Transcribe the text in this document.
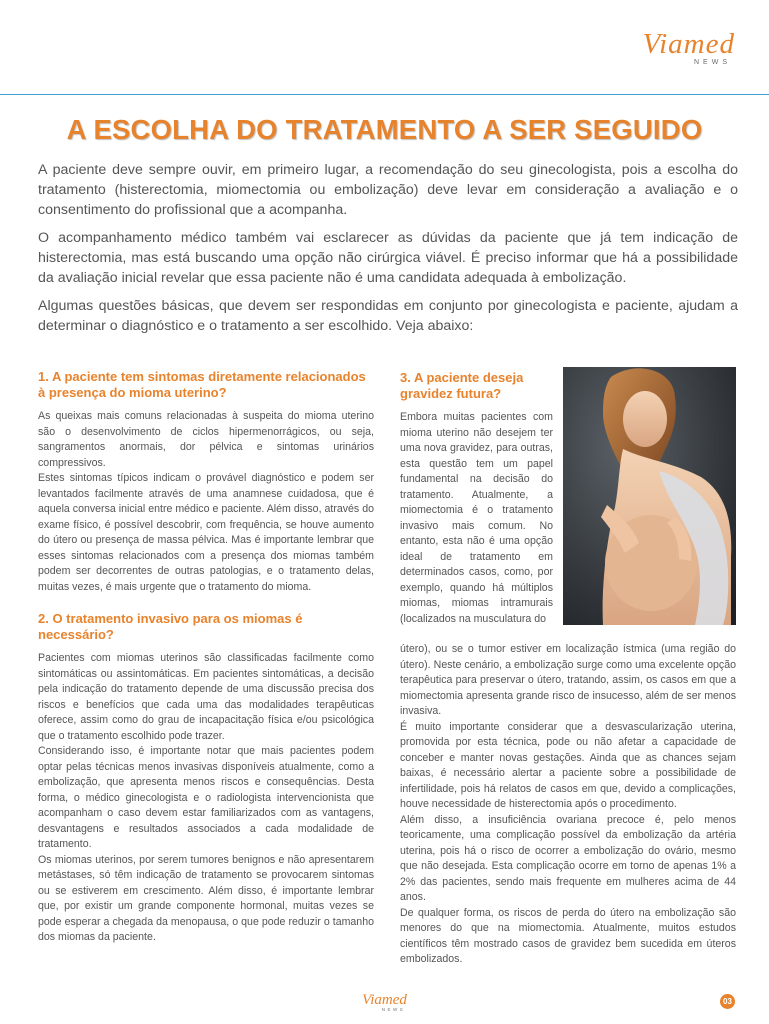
Viamed
NEWS
A ESCOLHA DO TRATAMENTO A SER SEGUIDO

A paciente deve sempre ouvir, em primeiro lugar, a recomendação do seu ginecologista, pois a escolha do tratamento (histerectomia, miomectomia ou embolização) deve levar em consideração a avaliação e o consentimento do profissional que a acompanha.

O acompanhamento médico também vai esclarecer as dúvidas da paciente que já tem indicação de histerectomia, mas está buscando uma opção não cirúrgica viável. É preciso informar que há a possibilidade da avaliação inicial revelar que essa paciente não é uma candidata adequada à embolização.

Algumas questões básicas, que devem ser respondidas em conjunto por ginecologista e paciente, ajudam a determinar o diagnóstico e o tratamento a ser escolhido. Veja abaixo:

1. A paciente tem sintomas diretamente relacionados à presença do mioma uterino?

As queixas mais comuns relacionadas à suspeita do mioma uterino são o desenvolvimento de ciclos hipermenorrágicos, ou seja, sangramentos anormais, dor pélvica e sintomas urinários compressivos.

Estes sintomas típicos indicam o provável diagnóstico e podem ser levantados facilmente através de uma anamnese cuidadosa, que é aquela conversa inicial entre médico e paciente. Além disso, através do exame físico, é possível descobrir, com frequência, se houve aumento do útero ou presença de massa pélvica. Mas é importante lembrar que esses sintomas relacionados com a presença dos miomas também podem ser decorrentes de outras patologias, e o tratamento delas, muitas vezes, é mais urgente que o tratamento do mioma.

2. O tratamento invasivo para os miomas é necessário?

Pacientes com miomas uterinos são classificadas facilmente como sintomáticas ou assintomáticas. Em pacientes sintomáticas, a decisão pela indicação do tratamento depende de uma discussão precisa dos riscos e benefícios que cada uma das modalidades terapêuticas oferece, assim como do grau de incapacitação física e/ou psicológica que o tratamento escolhido pode trazer.

Considerando isso, é importante notar que mais pacientes podem optar pelas técnicas menos invasivas disponíveis atualmente, como a embolização, que apresenta menos riscos e consequências. Desta forma, o médico ginecologista e o radiologista intervencionista que acompanham o caso devem estar familiarizados com as vantagens, desvantagens e resultados associados a cada modalidade de tratamento.

Os miomas uterinos, por serem tumores benignos e não apresentarem metástases, só têm indicação de tratamento se provocarem sintomas ou se estiverem em crescimento. Além disso, é importante lembrar que, por existir um grande componente hormonal, muitas vezes se pode esperar a chegada da menopausa, o que pode reduzir o tamanho dos miomas da paciente.

3. A paciente deseja gravidez futura?

Embora muitas pacientes com mioma uterino não desejem ter uma nova gravidez, para outras, esta questão tem um papel fundamental na decisão do tratamento. Atualmente, a miomectomia é o tratamento invasivo mais comum. No entanto, esta não é uma opção ideal de tratamento em determinados casos, como, por exemplo, quando há múltiplos miomas, miomas intramurais (localizados na musculatura do

útero), ou se o tumor estiver em localização ístmica (uma região do útero). Neste cenário, a embolização surge como uma excelente opção terapêutica para preservar o útero, tratando, assim, os casos em que a miomectomia apresenta grande risco de insucesso, além de ser menos invasiva.

É muito importante considerar que a desvascularização uterina, promovida por esta técnica, pode ou não afetar a capacidade de conceber e manter novas gestações. Ainda que as chances sejam baixas, é necessário alertar a paciente sobre a possibilidade de infertilidade, pois há relatos de casos em que, devido a complicações, houve necessidade de histerectomia após o procedimento.

Além disso, a insuficiência ovariana precoce é, pelo menos teoricamente, uma complicação possível da embolização da artéria uterina, pois há o risco de ocorrer a embolização do ovário, mesmo que não desejada. Esta complicação ocorre em torno de apenas 1% a 2% das pacientes, sendo mais frequente em mulheres acima de 44 anos.

De qualquer forma, os riscos de perda do útero na embolização são menores do que na miomectomia. Atualmente, muitos estudos científicos têm mostrado casos de gravidez bem sucedida em úteros embolizados.

Viamed
NEWS
03
